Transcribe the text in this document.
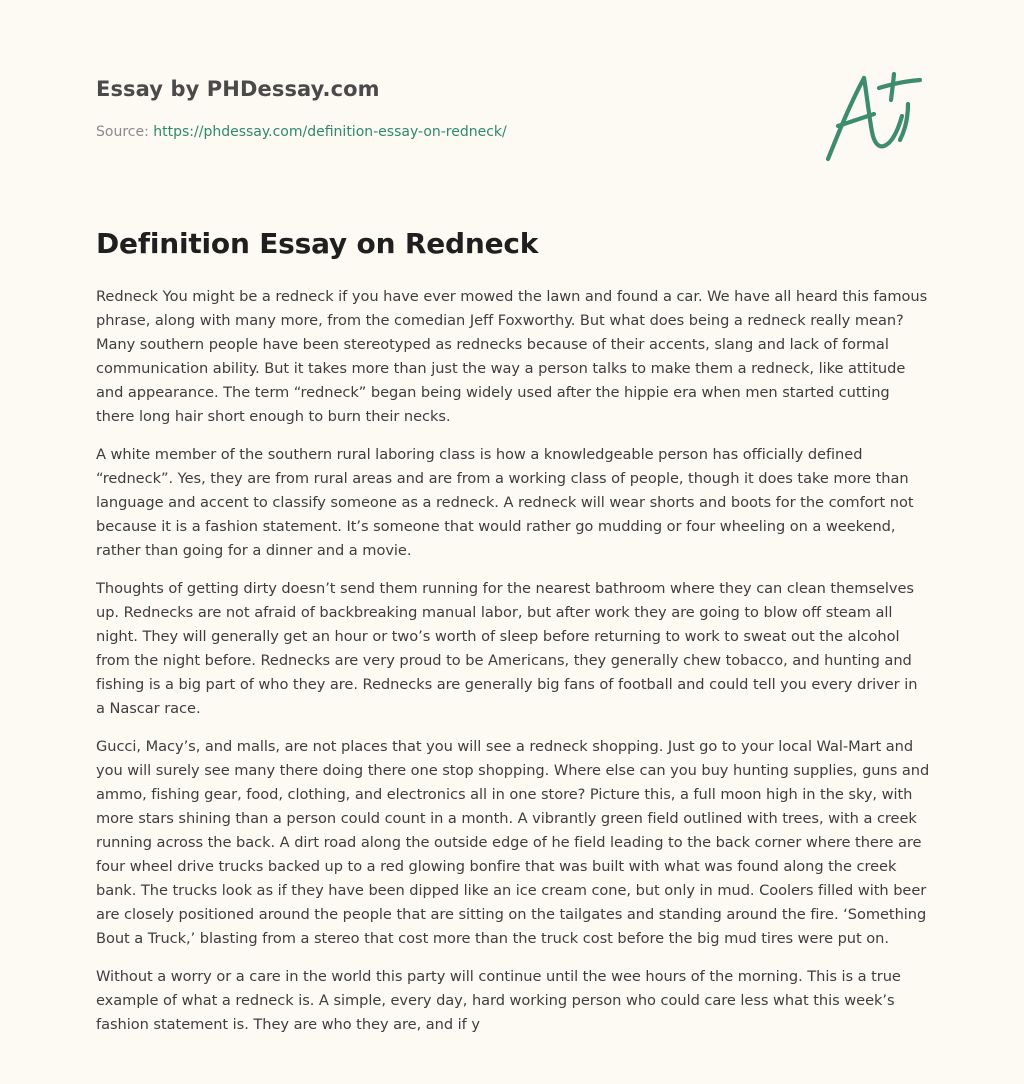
Essay by PHDessay.com

Source: https://phdessay.com/definition-essay-on-redneck/

Definition Essay on Redneck

Redneck You might be a redneck if you have ever mowed the lawn and found a car. We have all heard this famous phrase, along with many more, from the comedian Jeff Foxworthy. But what does being a redneck really mean? Many southern people have been stereotyped as rednecks because of their accents, slang and lack of formal communication ability. But it takes more than just the way a person talks to make them a redneck, like attitude and appearance. The term “redneck” began being widely used after the hippie era when men started cutting there long hair short enough to burn their necks.

A white member of the southern rural laboring class is how a knowledgeable person has officially defined “redneck”. Yes, they are from rural areas and are from a working class of people, though it does take more than language and accent to classify someone as a redneck. A redneck will wear shorts and boots for the comfort not because it is a fashion statement. It’s someone that would rather go mudding or four wheeling on a weekend, rather than going for a dinner and a movie.

Thoughts of getting dirty doesn’t send them running for the nearest bathroom where they can clean themselves up. Rednecks are not afraid of backbreaking manual labor, but after work they are going to blow off steam all night. They will generally get an hour or two’s worth of sleep before returning to work to sweat out the alcohol from the night before. Rednecks are very proud to be Americans, they generally chew tobacco, and hunting and fishing is a big part of who they are. Rednecks are generally big fans of football and could tell you every driver in a Nascar race.

Gucci, Macy’s, and malls, are not places that you will see a redneck shopping. Just go to your local Wal-Mart and you will surely see many there doing there one stop shopping. Where else can you buy hunting supplies, guns and ammo, fishing gear, food, clothing, and electronics all in one store? Picture this, a full moon high in the sky, with more stars shining than a person could count in a month. A vibrantly green field outlined with trees, with a creek running across the back. A dirt road along the outside edge of he field leading to the back corner where there are four wheel drive trucks backed up to a red glowing bonfire that was built with what was found along the creek bank. The trucks look as if they have been dipped like an ice cream cone, but only in mud. Coolers filled with beer are closely positioned around the people that are sitting on the tailgates and standing around the fire. ‘Something Bout a Truck,’ blasting from a stereo that cost more than the truck cost before the big mud tires were put on.

Without a worry or a care in the world this party will continue until the wee hours of the morning. This is a true example of what a redneck is. A simple, every day, hard working person who could care less what this week’s fashion statement is. They are who they are, and if y
